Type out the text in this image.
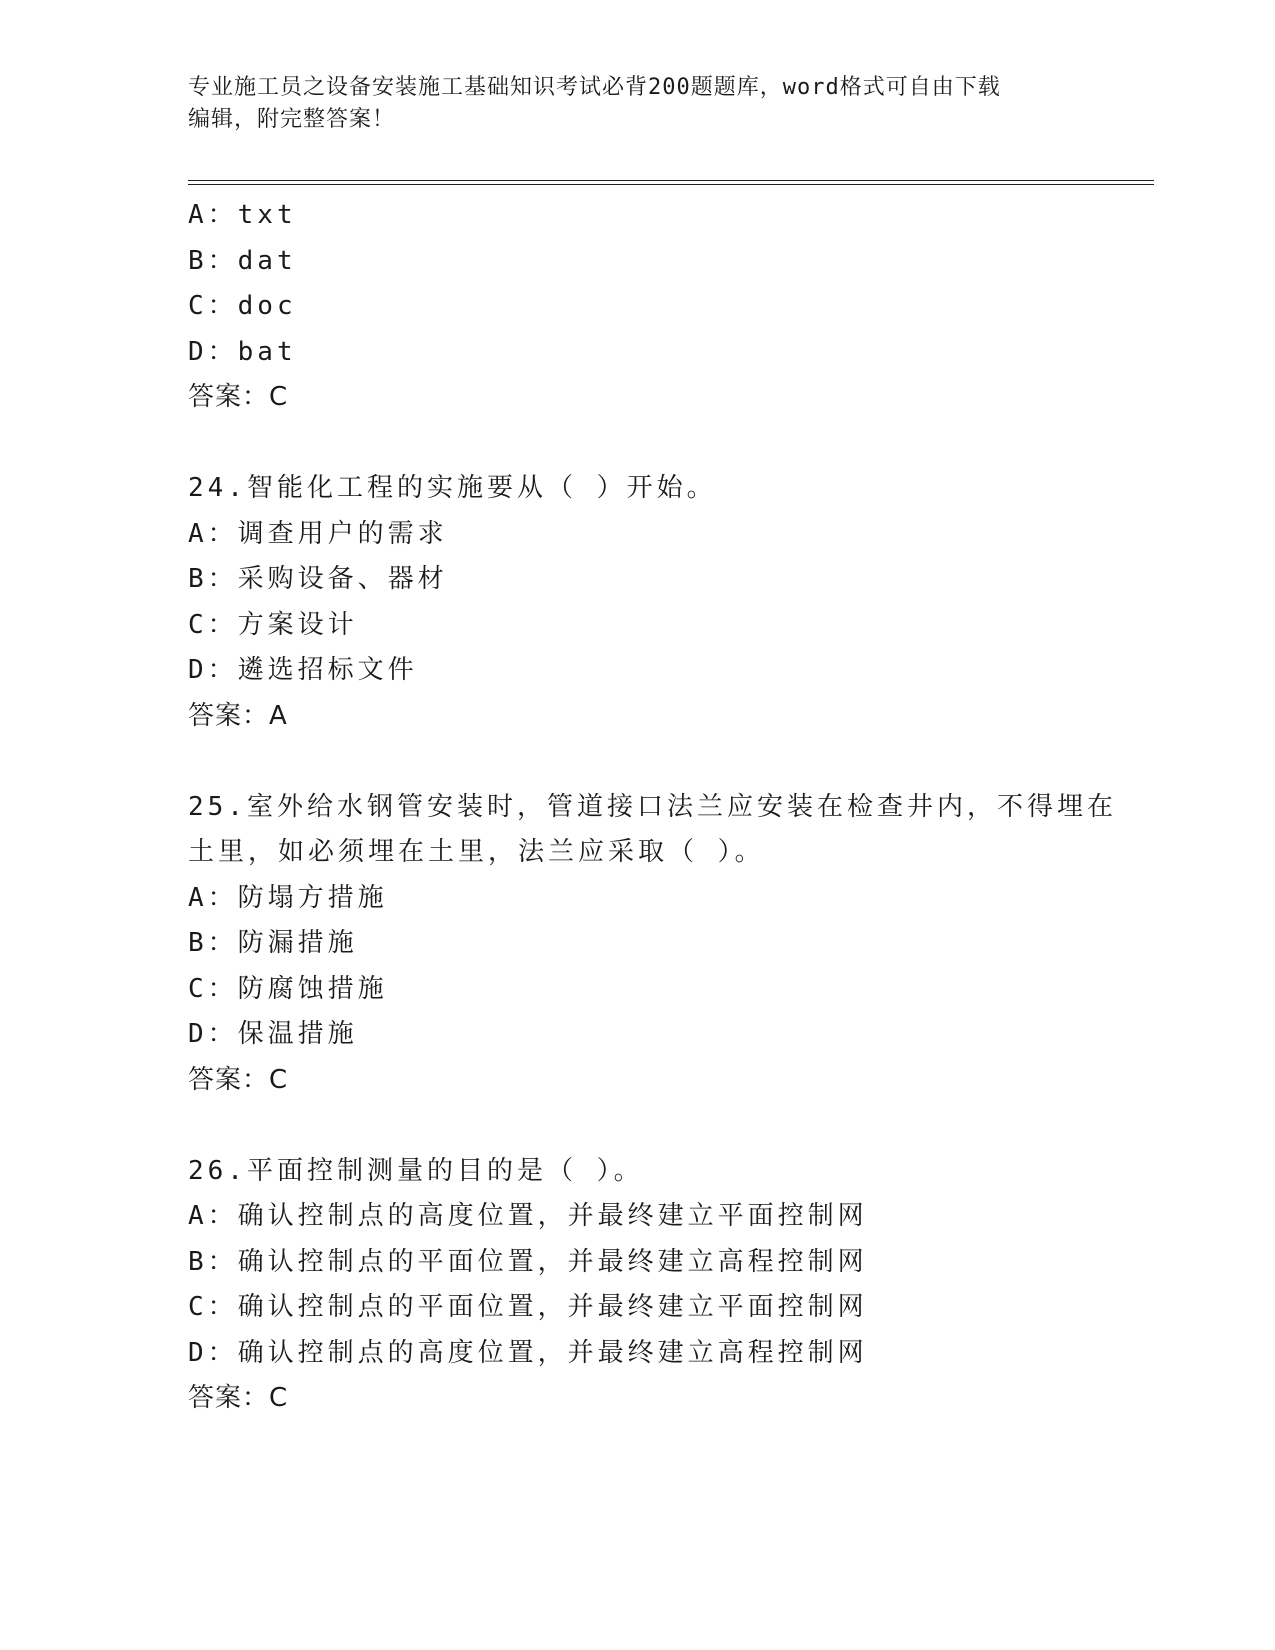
专业施工员之设备安装施工基础知识考试必背200题题库，word格式可自由下载
编辑，附完整答案！
A：txt
B：dat
C：doc
D：bat
答案：C
24.智能化工程的实施要从（ ）开始。
A：调查用户的需求
B：采购设备、器材
C：方案设计
D：遴选招标文件
答案：A
25.室外给水钢管安装时，管道接口法兰应安装在检查井内，不得埋在
土里，如必须埋在土里，法兰应采取（ ）。
A：防塌方措施
B：防漏措施
C：防腐蚀措施
D：保温措施
答案：C
26.平面控制测量的目的是（ ）。
A：确认控制点的高度位置，并最终建立平面控制网
B：确认控制点的平面位置，并最终建立高程控制网
C：确认控制点的平面位置，并最终建立平面控制网
D：确认控制点的高度位置，并最终建立高程控制网
答案：C
